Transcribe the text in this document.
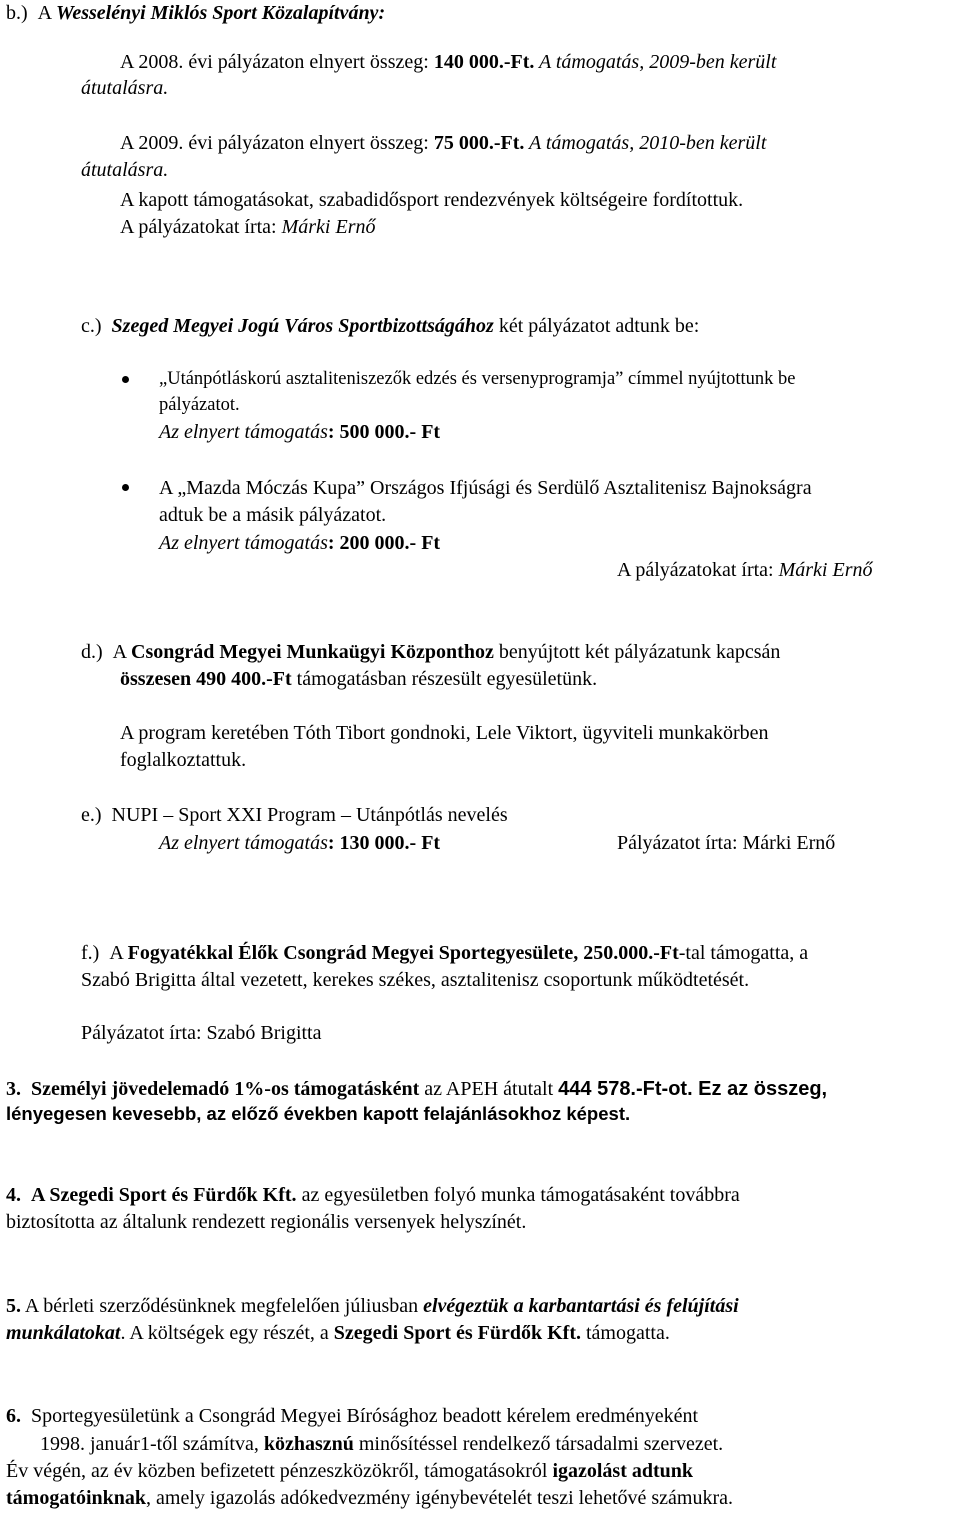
b.) A Wesselényi Miklós Sport Közalapítvány:
A 2008. évi pályázaton elnyert összeg: 140 000.-Ft. A támogatás, 2009-ben került
átutalásra.
A 2009. évi pályázaton elnyert összeg: 75 000.-Ft. A támogatás, 2010-ben került
átutalásra.
A kapott támogatásokat, szabadidősport rendezvények költségeire fordítottuk.
A pályázatokat írta: Márki Ernő
c.) Szeged Megyei Jogú Város Sportbizottságához két pályázatot adtunk be:
„Utánpótláskorú asztaliteniszezők edzés és versenyprogramja” címmel nyújtottunk be
pályázatot.
Az elnyert támogatás: 500 000.- Ft
A „Mazda Móczás Kupa” Országos Ifjúsági és Serdülő Asztalitenisz Bajnokságra
adtuk be a másik pályázatot.
Az elnyert támogatás: 200 000.- Ft
A pályázatokat írta: Márki Ernő
d.) A Csongrád Megyei Munkaügyi Központhoz benyújtott két pályázatunk kapcsán
összesen 490 400.-Ft támogatásban részesült egyesületünk.
A program keretében Tóth Tibort gondnoki, Lele Viktort, ügyviteli munkakörben
foglalkoztattuk.
e.) NUPI – Sport XXI Program – Utánpótlás nevelés
Az elnyert támogatás: 130 000.- Ft	Pályázatot írta: Márki Ernő
f.) A Fogyatékkal Élők Csongrád Megyei Sportegyesülete, 250.000.-Ft-tal támogatta, a
Szabó Brigitta által vezetett, kerekes székes, asztalitenisz csoportunk működtetését.
Pályázatot írta: Szabó Brigitta
3. Személyi jövedelemadó 1%-os támogatásként az APEH átutalt 444 578.-Ft-ot. Ez az összeg,
lényegesen kevesebb, az előző években kapott felajánlásokhoz képest.
4. A Szegedi Sport és Fürdők Kft. az egyesületben folyó munka támogatásaként továbbra
biztosította az általunk rendezett regionális versenyek helyszínét.
5. A bérleti szerződésünknek megfelelően júliusban elvégeztük a karbantartási és felújítási
munkálatokat. A költségek egy részét, a Szegedi Sport és Fürdők Kft. támogatta.
6. Sportegyesületünk a Csongrád Megyei Bírósághoz beadott kérelem eredményeként
1998. január1-től számítva, közhasznú minősítéssel rendelkező társadalmi szervezet.
Év végén, az év közben befizetett pénzeszközökről, támogatásokról igazolást adtunk
támogatóinknak, amely igazolás adókedvezmény igénybevételét teszi lehetővé számukra.
